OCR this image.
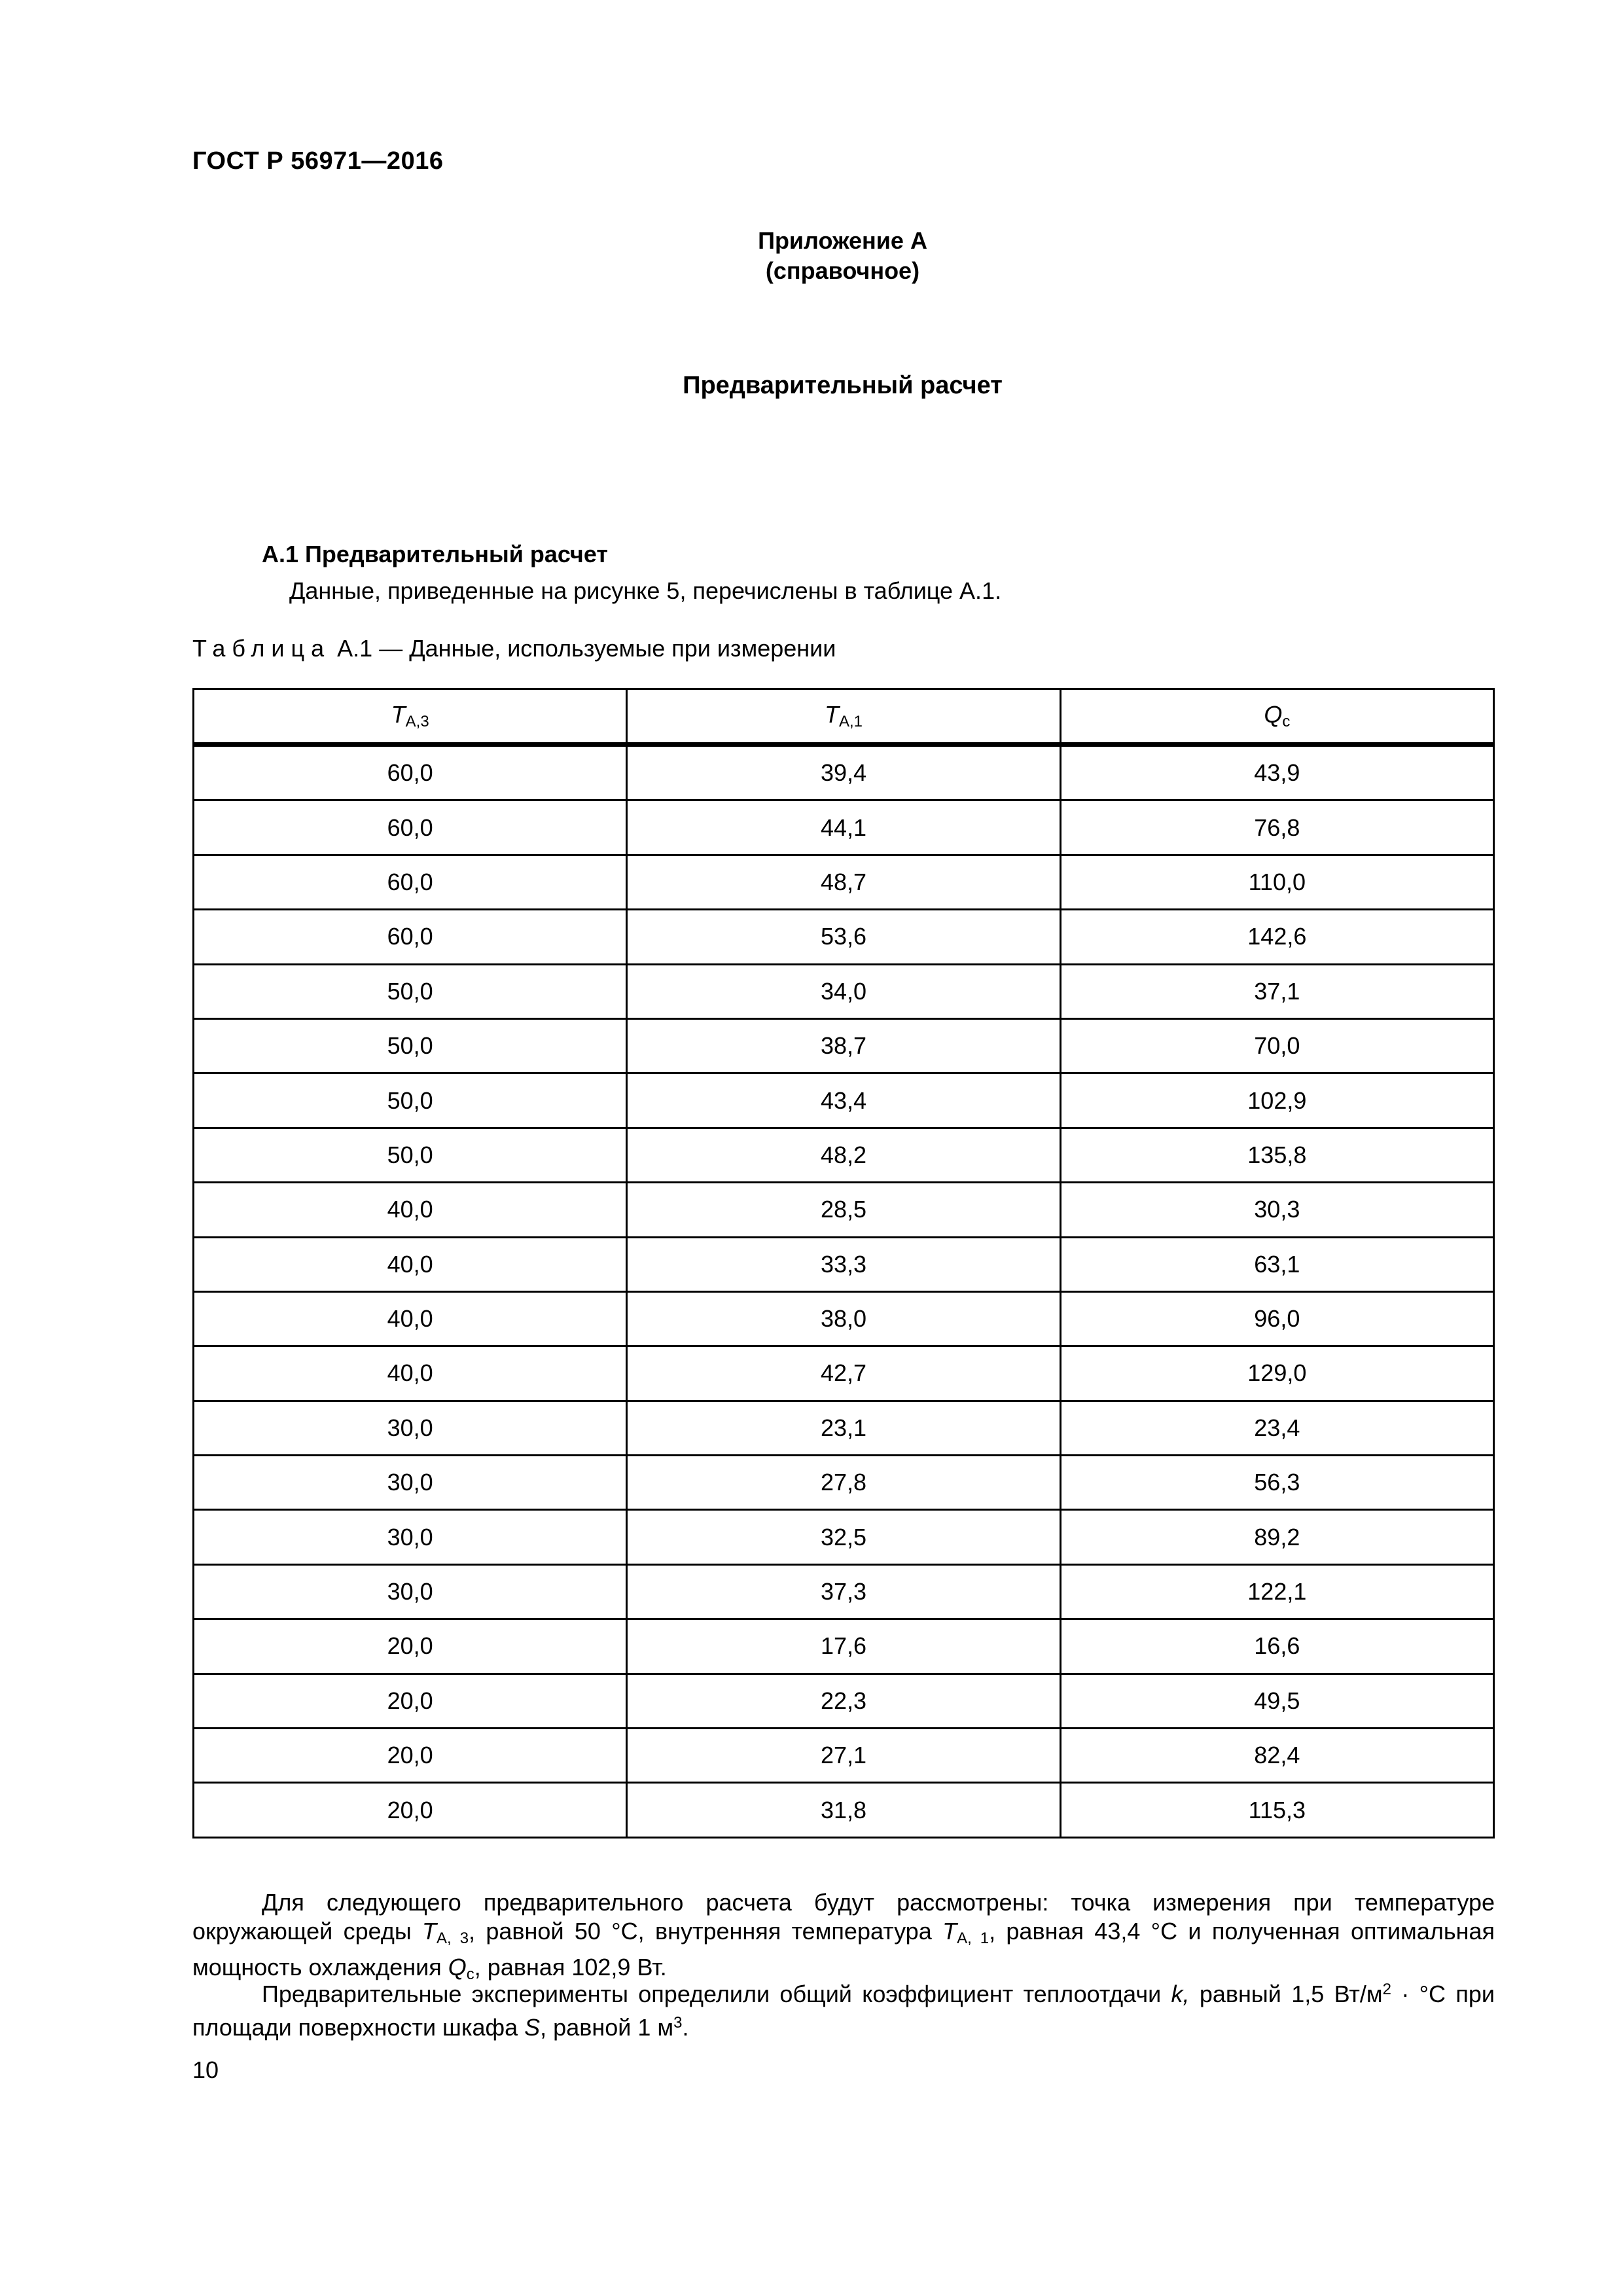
ГОСТ Р 56971—2016
Приложение А
(справочное)
Предварительный расчет
А.1 Предварительный расчет
Данные, приведенные на рисунке 5, перечислены в таблице А.1.
Таблица А.1 — Данные, используемые при измерении
$T_{A,3}$	$T_{A,1}$	$Q_c$
60,0	39,4	43,9
60,0	44,1	76,8
60,0	48,7	110,0
60,0	53,6	142,6
50,0	34,0	37,1
50,0	38,7	70,0
50,0	43,4	102,9
50,0	48,2	135,8
40,0	28,5	30,3
40,0	33,3	63,1
40,0	38,0	96,0
40,0	42,7	129,0
30,0	23,1	23,4
30,0	27,8	56,3
30,0	32,5	89,2
30,0	37,3	122,1
20,0	17,6	16,6
20,0	22,3	49,5
20,0	27,1	82,4
20,0	31,8	115,3
Для следующего предварительного расчета будут рассмотрены: точка измерения при температуре окружающей среды $T_{A, 3}$, равной 50 °С, внутренняя температура $T_{A, 1}$, равная 43,4 °С и полученная оптимальная мощность охлаждения $Q_c$, равная 102,9 Вт.
Предварительные эксперименты определили общий коэффициент теплоотдачи k, равный 1,5 $Вт/м^2 \cdot ^\circ С$ при площади поверхности шкафа S, равной 1 $м^3$.
10
